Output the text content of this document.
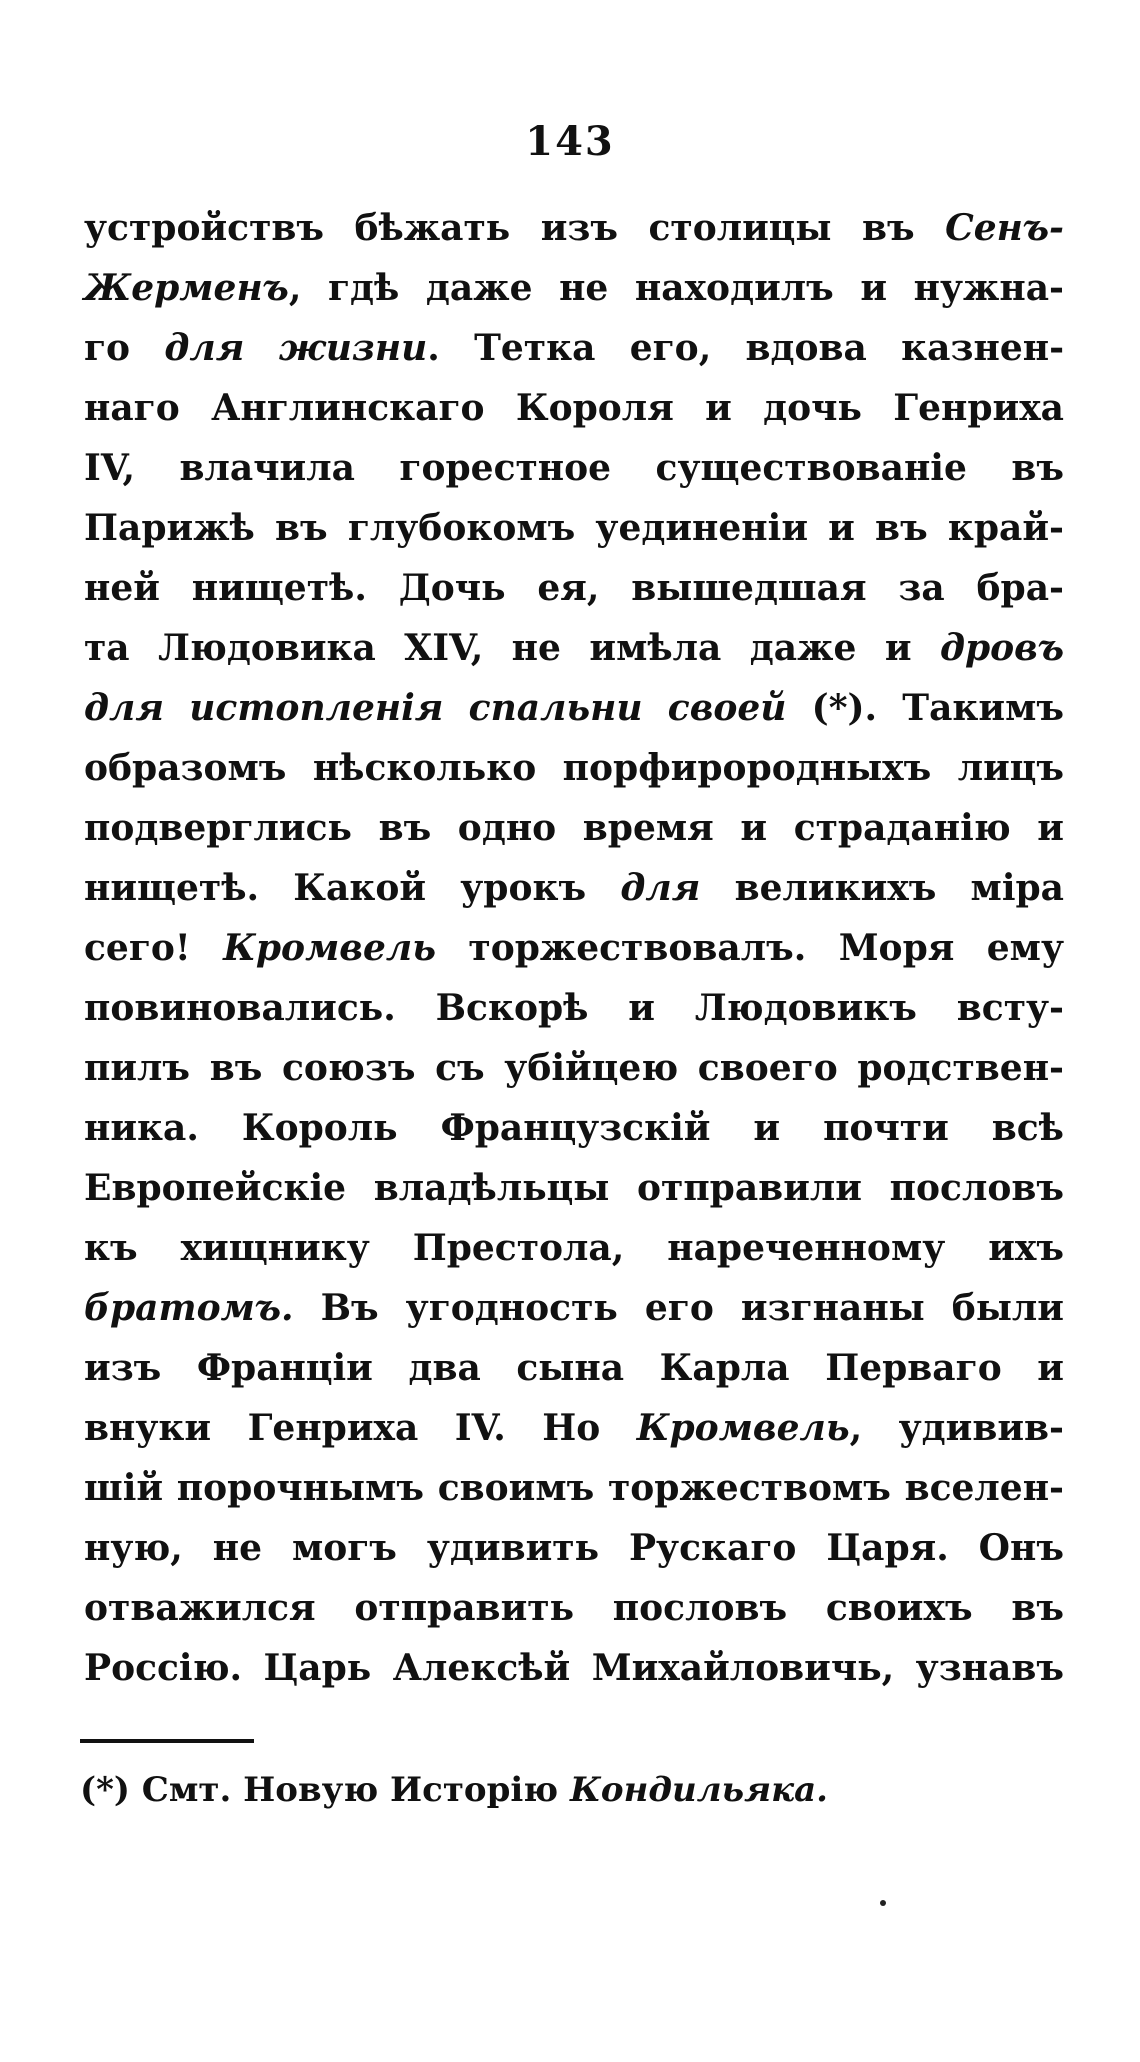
143
устройствъ бѣжать изъ столицы въ Сенъ-
Жерменъ, гдѣ даже не находилъ и нужна-
го для жизни. Тетка его, вдова казнен-
наго Англинскаго Короля и дочь Генриха
IV, влачила горестное существованіе въ
Парижѣ въ глубокомъ уединеніи и въ край-
ней нищетѣ. Дочь ея, вышедшая за бра-
та Людовика XIV, не имѣла даже и дровъ
для истопленія спальни своей (*). Такимъ
образомъ нѣсколько порфирородныхъ лицъ
подверглись въ одно время и страданію и
нищетѣ. Какой урокъ для великихъ міра
сего! Кромвель торжествовалъ. Моря ему
повиновались. Вскорѣ и Людовикъ всту-
пилъ въ союзъ съ убійцею своего родствен-
ника. Король Французскій и почти всѣ
Европейскіе владѣльцы отправили пословъ
къ хищнику Престола, нареченному ихъ
братомъ. Въ угодность его изгнаны были
изъ Франціи два сына Карла Перваго и
внуки Генриха IV. Но Кромвель, удивив-
шій порочнымъ своимъ торжествомъ вселен-
ную, не могъ удивить Рускаго Царя. Онъ
отважился отправить пословъ своихъ въ
Россію. Царь Алексѣй Михайловичь, узнавъ
(*) Смт. Новую Исторію Кондильяка.
